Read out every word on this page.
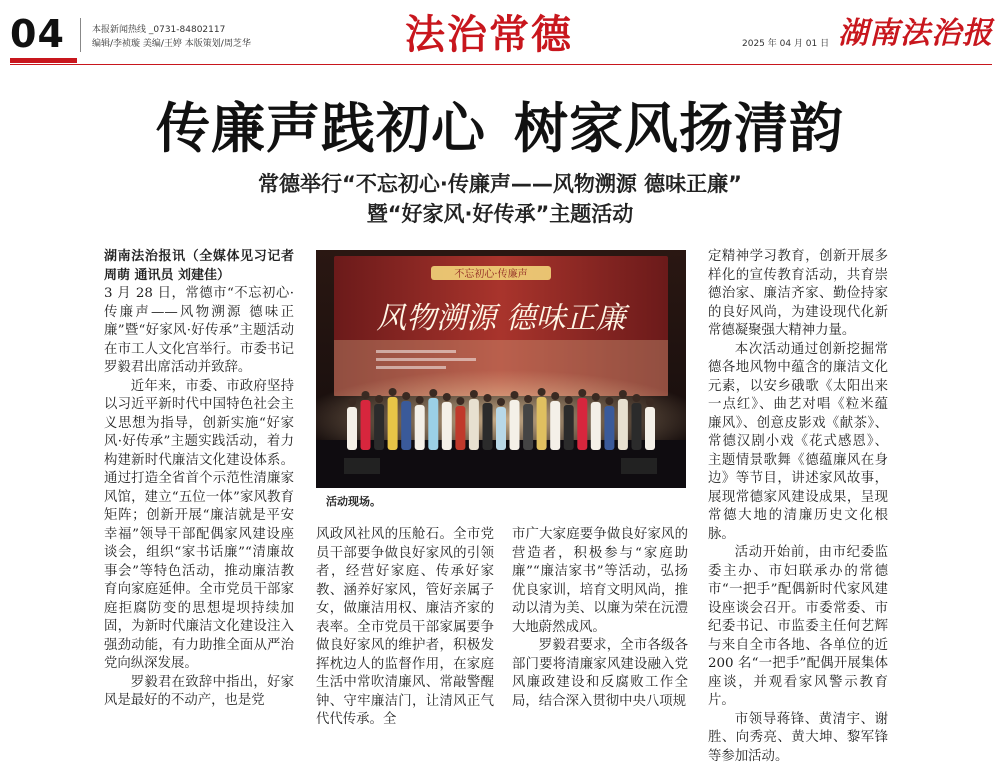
04	本报新闻热线 _0731-84802117
编辑/李祯璇 美编/王婷 本版策划/周芝华	法治常德	2025 年 04 月 01 日 湖南法治报
传廉声践初心 树家风扬清韵
常德举行“不忘初心·传廉声——风物溯源 德味正廉”
暨“好家风·好传承”主题活动

湖南法治报讯（全媒体见习记者 周萌 通讯员 刘建佳）

3 月 28 日，常德市“不忘初心·传廉声——风物溯源 德味正廉”暨“好家风·好传承”主题活动在市工人文化宫举行。市委书记罗毅君出席活动并致辞。

近年来，市委、市政府坚持以习近平新时代中国特色社会主义思想为指导，创新实施“好家风·好传承”主题实践活动，着力构建新时代廉洁文化建设体系。通过打造全省首个示范性清廉家风馆，建立“五位一体”家风教育矩阵；创新开展“廉洁就是平安幸福”领导干部配偶家风建设座谈会，组织“家书话廉”“清廉故事会”等特色活动，推动廉洁教育向家庭延伸。全市党员干部家庭拒腐防变的思想堤坝持续加固，为新时代廉洁文化建设注入强劲动能，有力助推全面从严治党向纵深发展。

罗毅君在致辞中指出，好家风是最好的不动产，也是党

不忘初心·传廉声
风物溯源 德味正廉
活动现场。

风政风社风的压舱石。全市党员干部要争做良好家风的引领者，经营好家庭、传承好家教、涵养好家风，管好亲属子女，做廉洁用权、廉洁齐家的表率。全市党员干部家属要争做良好家风的维护者，积极发挥枕边人的监督作用，在家庭生活中常吹清廉风、常敲警醒钟、守牢廉洁门，让清风正气代代传承。全

市广大家庭要争做良好家风的营造者，积极参与“家庭助廉”“廉洁家书”等活动，弘扬优良家训，培育文明风尚，推动以清为美、以廉为荣在沅澧大地蔚然成风。

罗毅君要求，全市各级各部门要将清廉家风建设融入党风廉政建设和反腐败工作全局，结合深入贯彻中央八项规

定精神学习教育，创新开展多样化的宣传教育活动，共育崇德治家、廉洁齐家、勤俭持家的良好风尚，为建设现代化新常德凝聚强大精神力量。

本次活动通过创新挖掘常德各地风物中蕴含的廉洁文化元素，以安乡硪歌《太阳出来一点红》、曲艺对唱《粒米蕴廉风》、创意皮影戏《献茶》、常德汉剧小戏《花式感恩》、主题情景歌舞《德蕴廉风在身边》等节目，讲述家风故事，展现常德家风建设成果，呈现常德大地的清廉历史文化根脉。

活动开始前，由市纪委监委主办、市妇联承办的常德市“一把手”配偶新时代家风建设座谈会召开。市委常委、市纪委书记、市监委主任何艺辉与来自全市各地、各单位的近 200 名“一把手”配偶开展集体座谈，并观看家风警示教育片。

市领导蒋锋、黄清宇、谢胜、向秀亮、黄大坤、黎军锋等参加活动。
